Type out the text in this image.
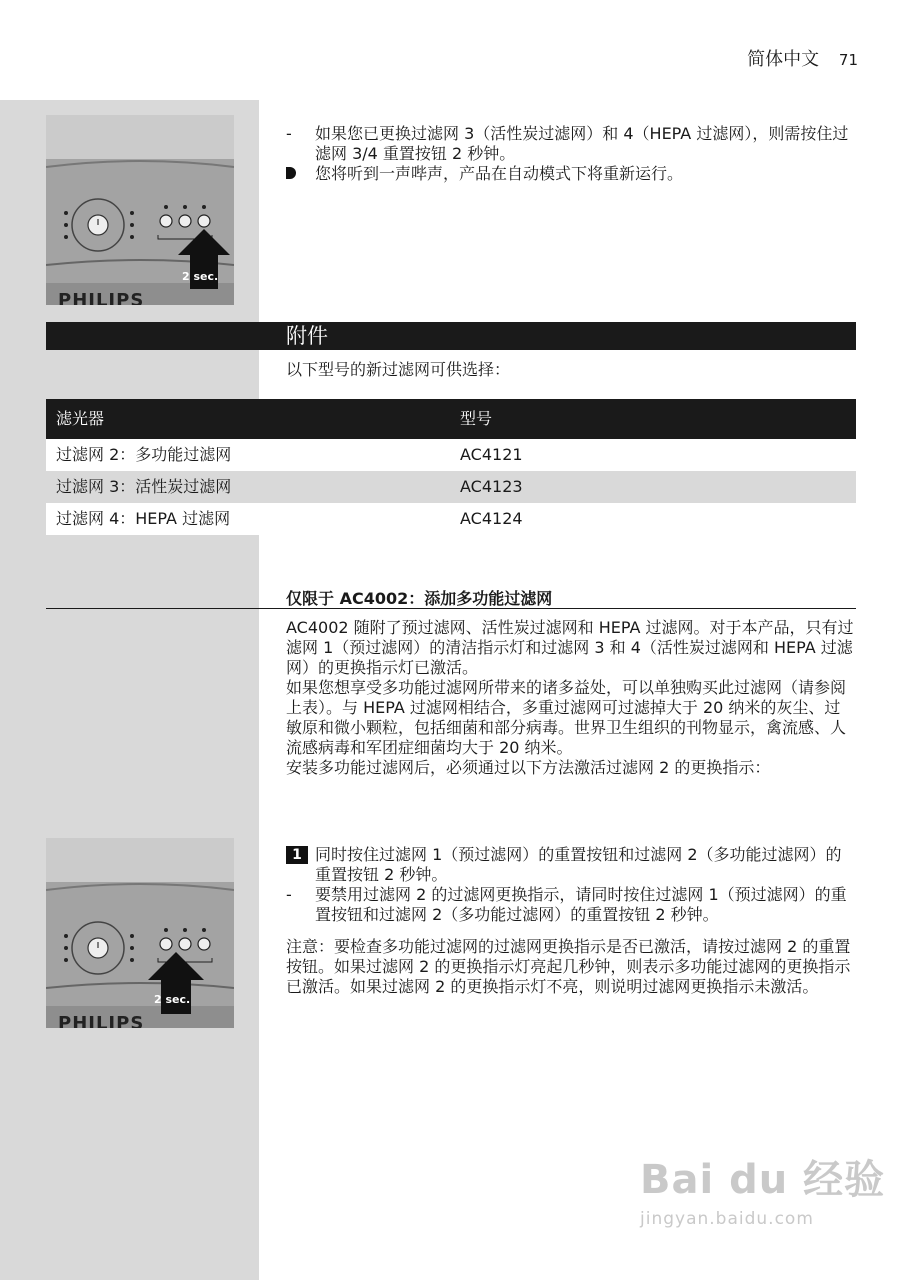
简体中文 71
2 sec.
PHILIPS
- 如果您已更换过滤网 3（活性炭过滤网）和 4（HEPA 过滤网），则需按住过滤网 3/4 重置按钮 2 秒钟。
您将听到一声哔声，产品在自动模式下将重新运行。
附件
以下型号的新过滤网可供选择：
滤光器	型号
过滤网 2：多功能过滤网	AC4121
过滤网 3：活性炭过滤网	AC4123
过滤网 4：HEPA 过滤网	AC4124
仅限于 AC4002：添加多功能过滤网
AC4002 随附了预过滤网、活性炭过滤网和 HEPA 过滤网。对于本产品，只有过滤网 1（预过滤网）的清洁指示灯和过滤网 3 和 4（活性炭过滤网和 HEPA 过滤网）的更换指示灯已激活。
如果您想享受多功能过滤网所带来的诸多益处，可以单独购买此过滤网（请参阅上表）。与 HEPA 过滤网相结合，多重过滤网可过滤掉大于 20 纳米的灰尘、过敏原和微小颗粒，包括细菌和部分病毒。世界卫生组织的刊物显示，禽流感、人流感病毒和军团症细菌均大于 20 纳米。
安装多功能过滤网后，必须通过以下方法激活过滤网 2 的更换指示：
2 sec.
PHILIPS
1 同时按住过滤网 1（预过滤网）的重置按钮和过滤网 2（多功能过滤网）的重置按钮 2 秒钟。
- 要禁用过滤网 2 的过滤网更换指示，请同时按住过滤网 1（预过滤网）的重置按钮和过滤网 2（多功能过滤网）的重置按钮 2 秒钟。
注意：要检查多功能过滤网的过滤网更换指示是否已激活，请按过滤网 2 的重置按钮。如果过滤网 2 的更换指示灯亮起几秒钟，则表示多功能过滤网的更换指示已激活。如果过滤网 2 的更换指示灯不亮，则说明过滤网更换指示未激活。
Bai du 经验
jingyan.baidu.com
